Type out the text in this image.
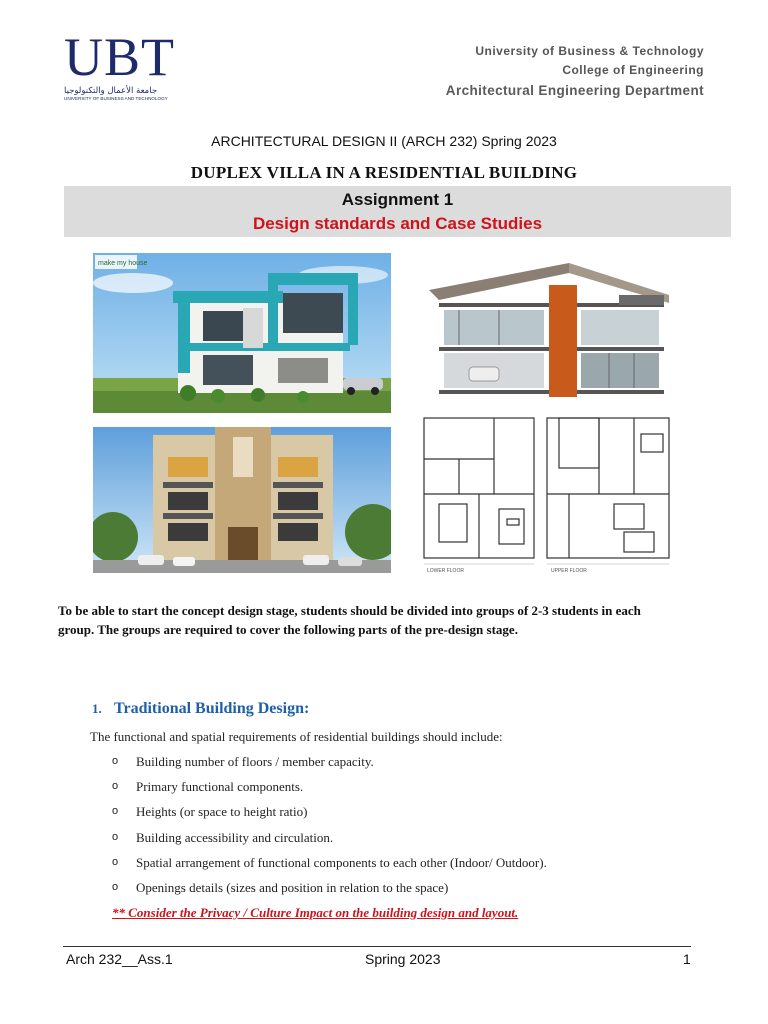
UBT
جامعة الأعمال والتكنولوجيا
UNIVERSITY OF BUSINESS AND TECHNOLOGY
University of Business & Technology
College of Engineering
Architectural Engineering Department
ARCHITECTURAL DESIGN II (ARCH 232) Spring 2023
DUPLEX VILLA IN A RESIDENTIAL BUILDING
Assignment 1
Design standards and Case Studies
make my house
LOWER FLOOR	UPPER FLOOR
To be able to start the concept design stage, students should be divided into groups of 2-3 students in each group. The groups are required to cover the following parts of the pre-design stage.
1. Traditional Building Design:
The functional and spatial requirements of residential buildings should include:
o Building number of floors / member capacity.
o Primary functional components.
o Heights (or space to height ratio)
o Building accessibility and circulation.
o Spatial arrangement of functional components to each other (Indoor/ Outdoor).
o Openings details (sizes and position in relation to the space)
** Consider the Privacy / Culture Impact on the building design and layout.
Arch 232__Ass.1	Spring 2023	1
